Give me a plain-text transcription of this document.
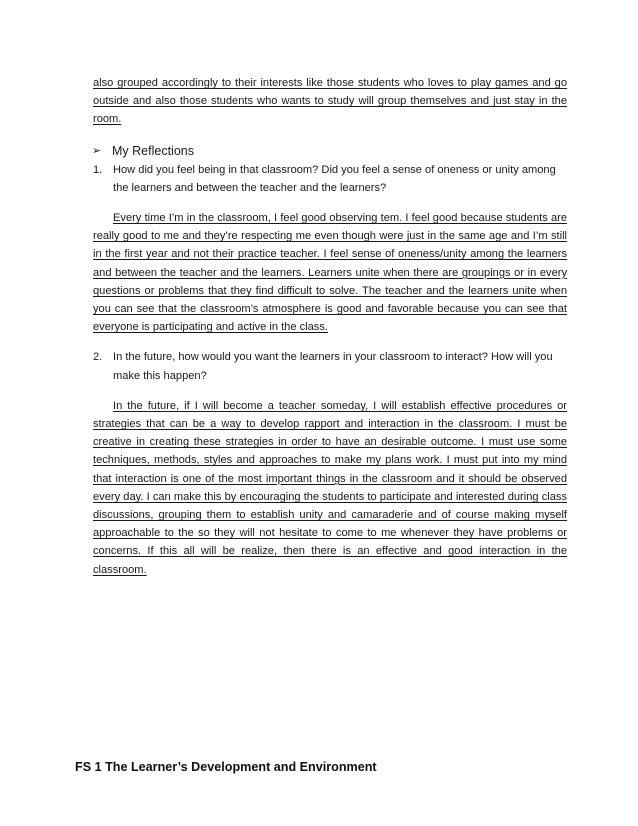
also grouped accordingly to their interests like those students who loves to play games and go outside and also those students who wants to study will group themselves and just stay in the room.

➢ My Reflections
1. How did you feel being in that classroom? Did you feel a sense of oneness or unity among the learners and between the teacher and the learners?

Every time I’m in the classroom, I feel good observing tem. I feel good because students are really good to me and they’re respecting me even though were just in the same age and I’m still in the first year and not their practice teacher. I feel sense of oneness/unity among the learners and between the teacher and the learners. Learners unite when there are groupings or in every questions or problems that they find difficult to solve. The teacher and the learners unite when you can see that the classroom’s atmosphere is good and favorable because you can see that everyone is participating and active in the class.

2. In the future, how would you want the learners in your classroom to interact? How will you make this happen?

In the future, if I will become a teacher someday, I will establish effective procedures or strategies that can be a way to develop rapport and interaction in the classroom. I must be creative in creating these strategies in order to have an desirable outcome. I must use some techniques, methods, styles and approaches to make my plans work. I must put into my mind that interaction is one of the most important things in the classroom and it should be observed every day. I can make this by encouraging the students to participate and interested during class discussions, grouping them to establish unity and camaraderie and of course making myself approachable to the so they will not hesitate to come to me whenever they have problems or concerns. If this all will be realize, then there is an effective and good interaction in the classroom.

FS 1 The Learner’s Development and Environment
